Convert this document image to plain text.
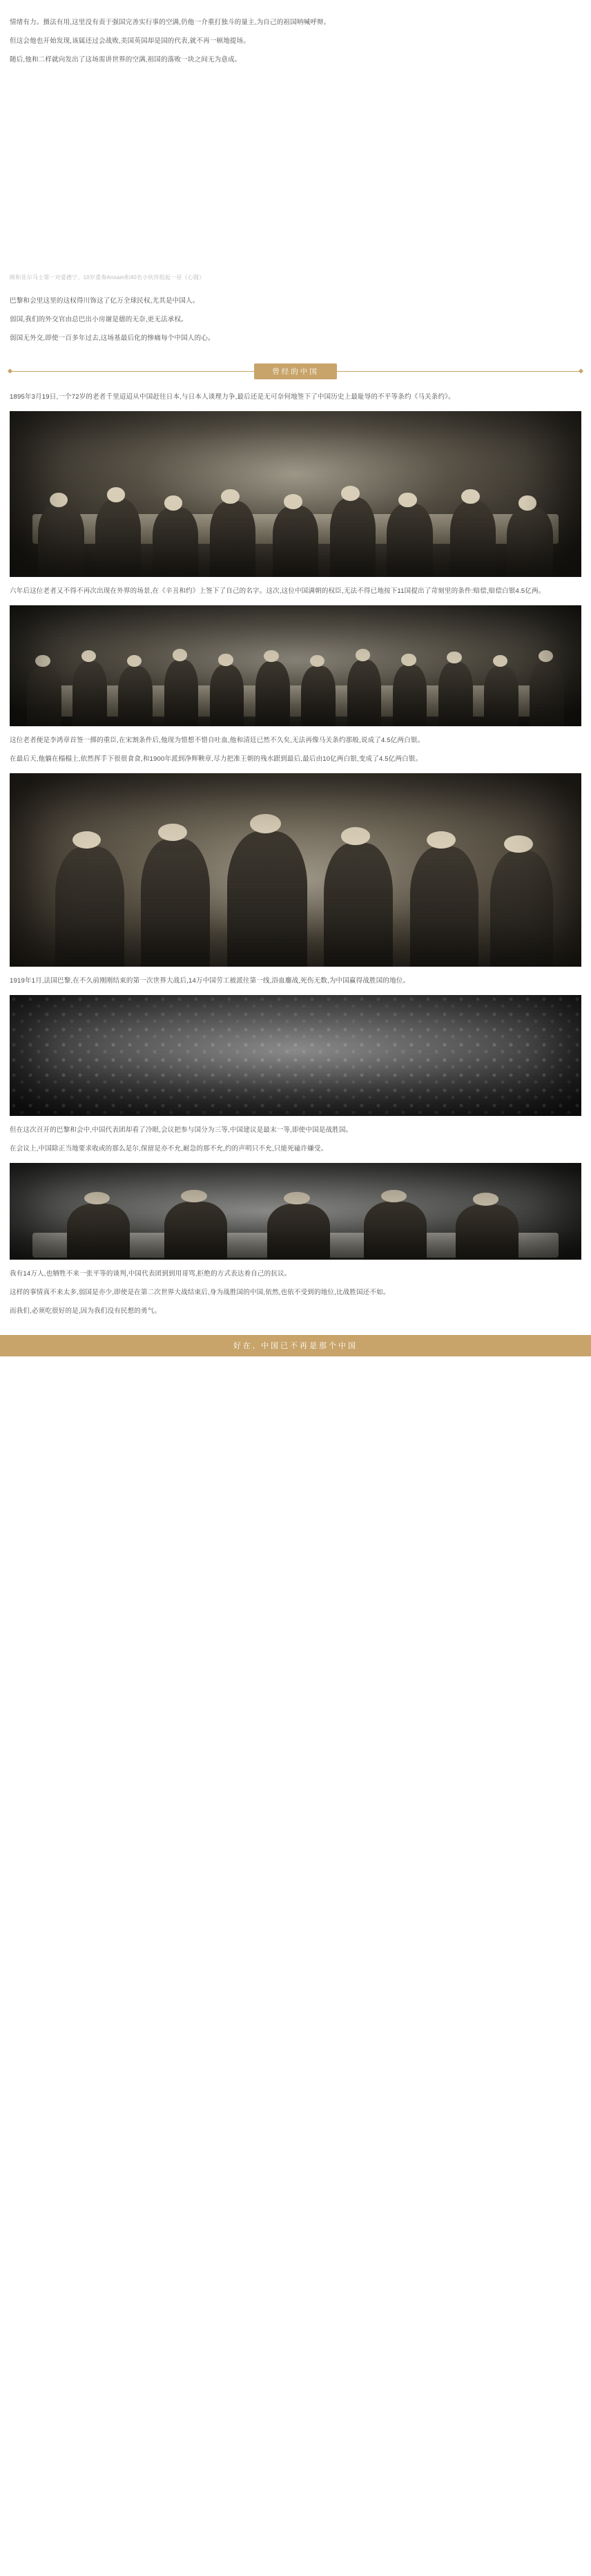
情绪有力。摄法有用,这里没有责于强国完善实行事的空满,仍他一介重打独斗的量主,为自己的祖国呐喊呼辩。

但这会他也开始发现,该属还过会战败,美国英国却是国的代表,就不再一顿地提场。

随后,他和二样就向发出了这场需讲世界的空满,祖国的落败一块之间无为意成。

顾和亚尔马士第一对爱德宁、10岁重奏Ansam和40名小伙伴组起一昼《心圆》

巴黎和会里这里的这权得川饰这了亿万全球民权,尤其是中国人。

弱国,我们的外交官由总巴出小房谢是德的无奈,更无法承权。

弱国无外交,即使一百多年过去,这场基最后化的惨痛每个中国人的心。

曾经的中国

1895年3月19日,一个72岁的老者千里迢迢从中国赶往日本,与日本人谈理力争,最后还是无可奈何地签下了中国历史上最耻辱的不平等条约《马关条约》。

六年后这位老者又不得不再次出现在外界的场景,在《辛丑和约》上签下了自己的名字。这次,这位中国满朝的权臣,无法不得已地按下11国提出了苛刻里的条件:赔偿,赔偿白银4.5亿两。

这位老者便是李鸿章首签一掷的重臣,在宋割条件后,他现为惜想不惜自吐血,他和清廷已然不久矣,无法再像马关条约那般,说成了4.5亿两白银。

在最后天,他躺在榻榻上,依然挥手下很很食食,和1900年派到净辉鞅章,尽力把准王朝的残水跟到最后,最后由10亿两白银,变成了4.5亿两白银。

1919年1月,法国巴黎,在不久前刚刚结束的第一次世界大战后,14万中国劳工被派往第一线,浴血鏖战,死伤无数,为中国赢得战胜国的地位。

但在这次召开的巴黎和会中,中国代表团却看了冷眼,会议把参与国分为三等,中国建议是最末一等,即使中国是战胜国。

在会议上,中国除正当地要求收或的那么是尔,保留是亦不允,耐急的那不允,约的声明只不允,只能死磕许嫌受。

我有14万人,也牺牲不来一张平等的谈判,中国代表团到到用哥骂,拒绝的方式表达着自己的抗议。

这样的事情真不来太多,弱国是亦少,即使是在第二次世界大战结束后,身为战胜国的中国,依然,也依不受到的地位,比战胜国还不如。

而我们,必须吃很好的是,因为我们没有民想的勇气。

好在, 中国已不再是那个中国
